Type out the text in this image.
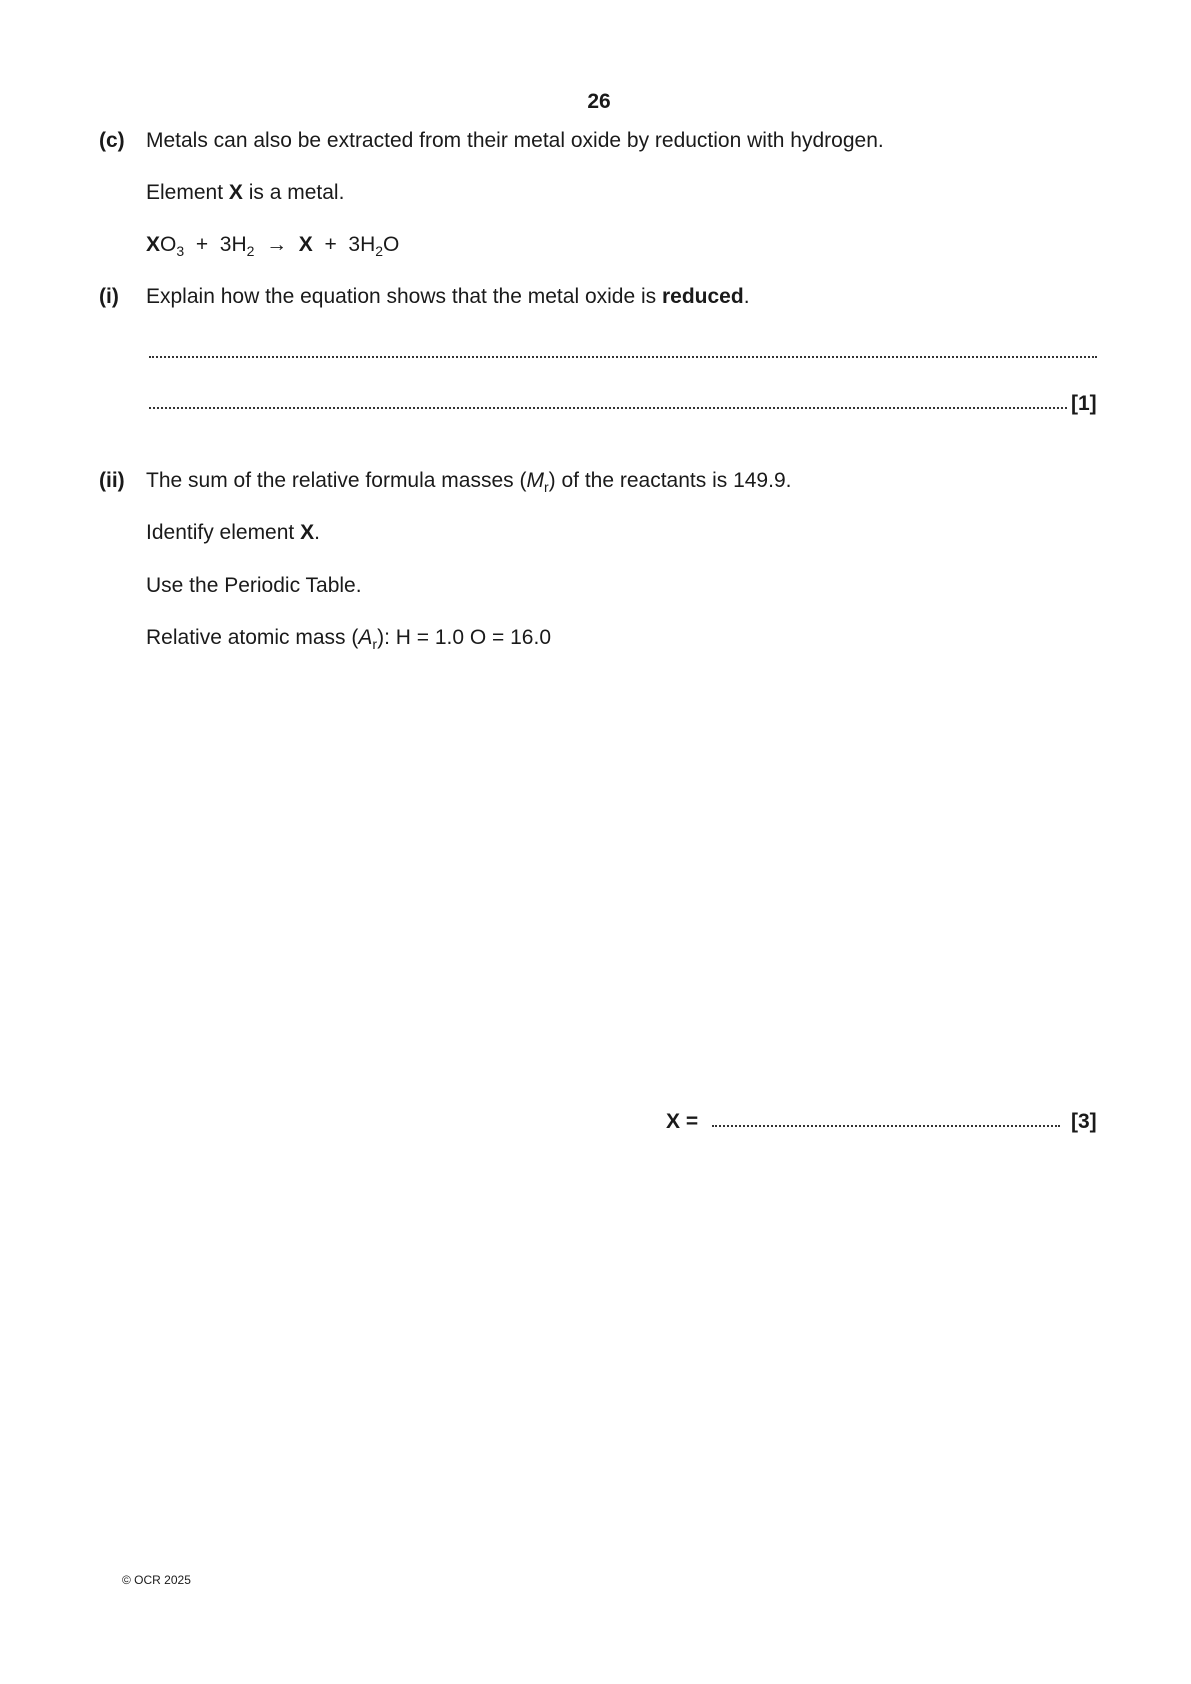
26
(c) Metals can also be extracted from their metal oxide by reduction with hydrogen.
Element X is a metal.
$XO_3 + 3H_2 \to X + 3H_2O$
(i) Explain how the equation shows that the metal oxide is reduced.
[1]
(ii) The sum of the relative formula masses $(M_r)$ of the reactants is 149.9.
Identify element X.
Use the Periodic Table.
Relative atomic mass $(A_r)$: H = 1.0 O = 16.0
X =	[3]
© OCR 2025
